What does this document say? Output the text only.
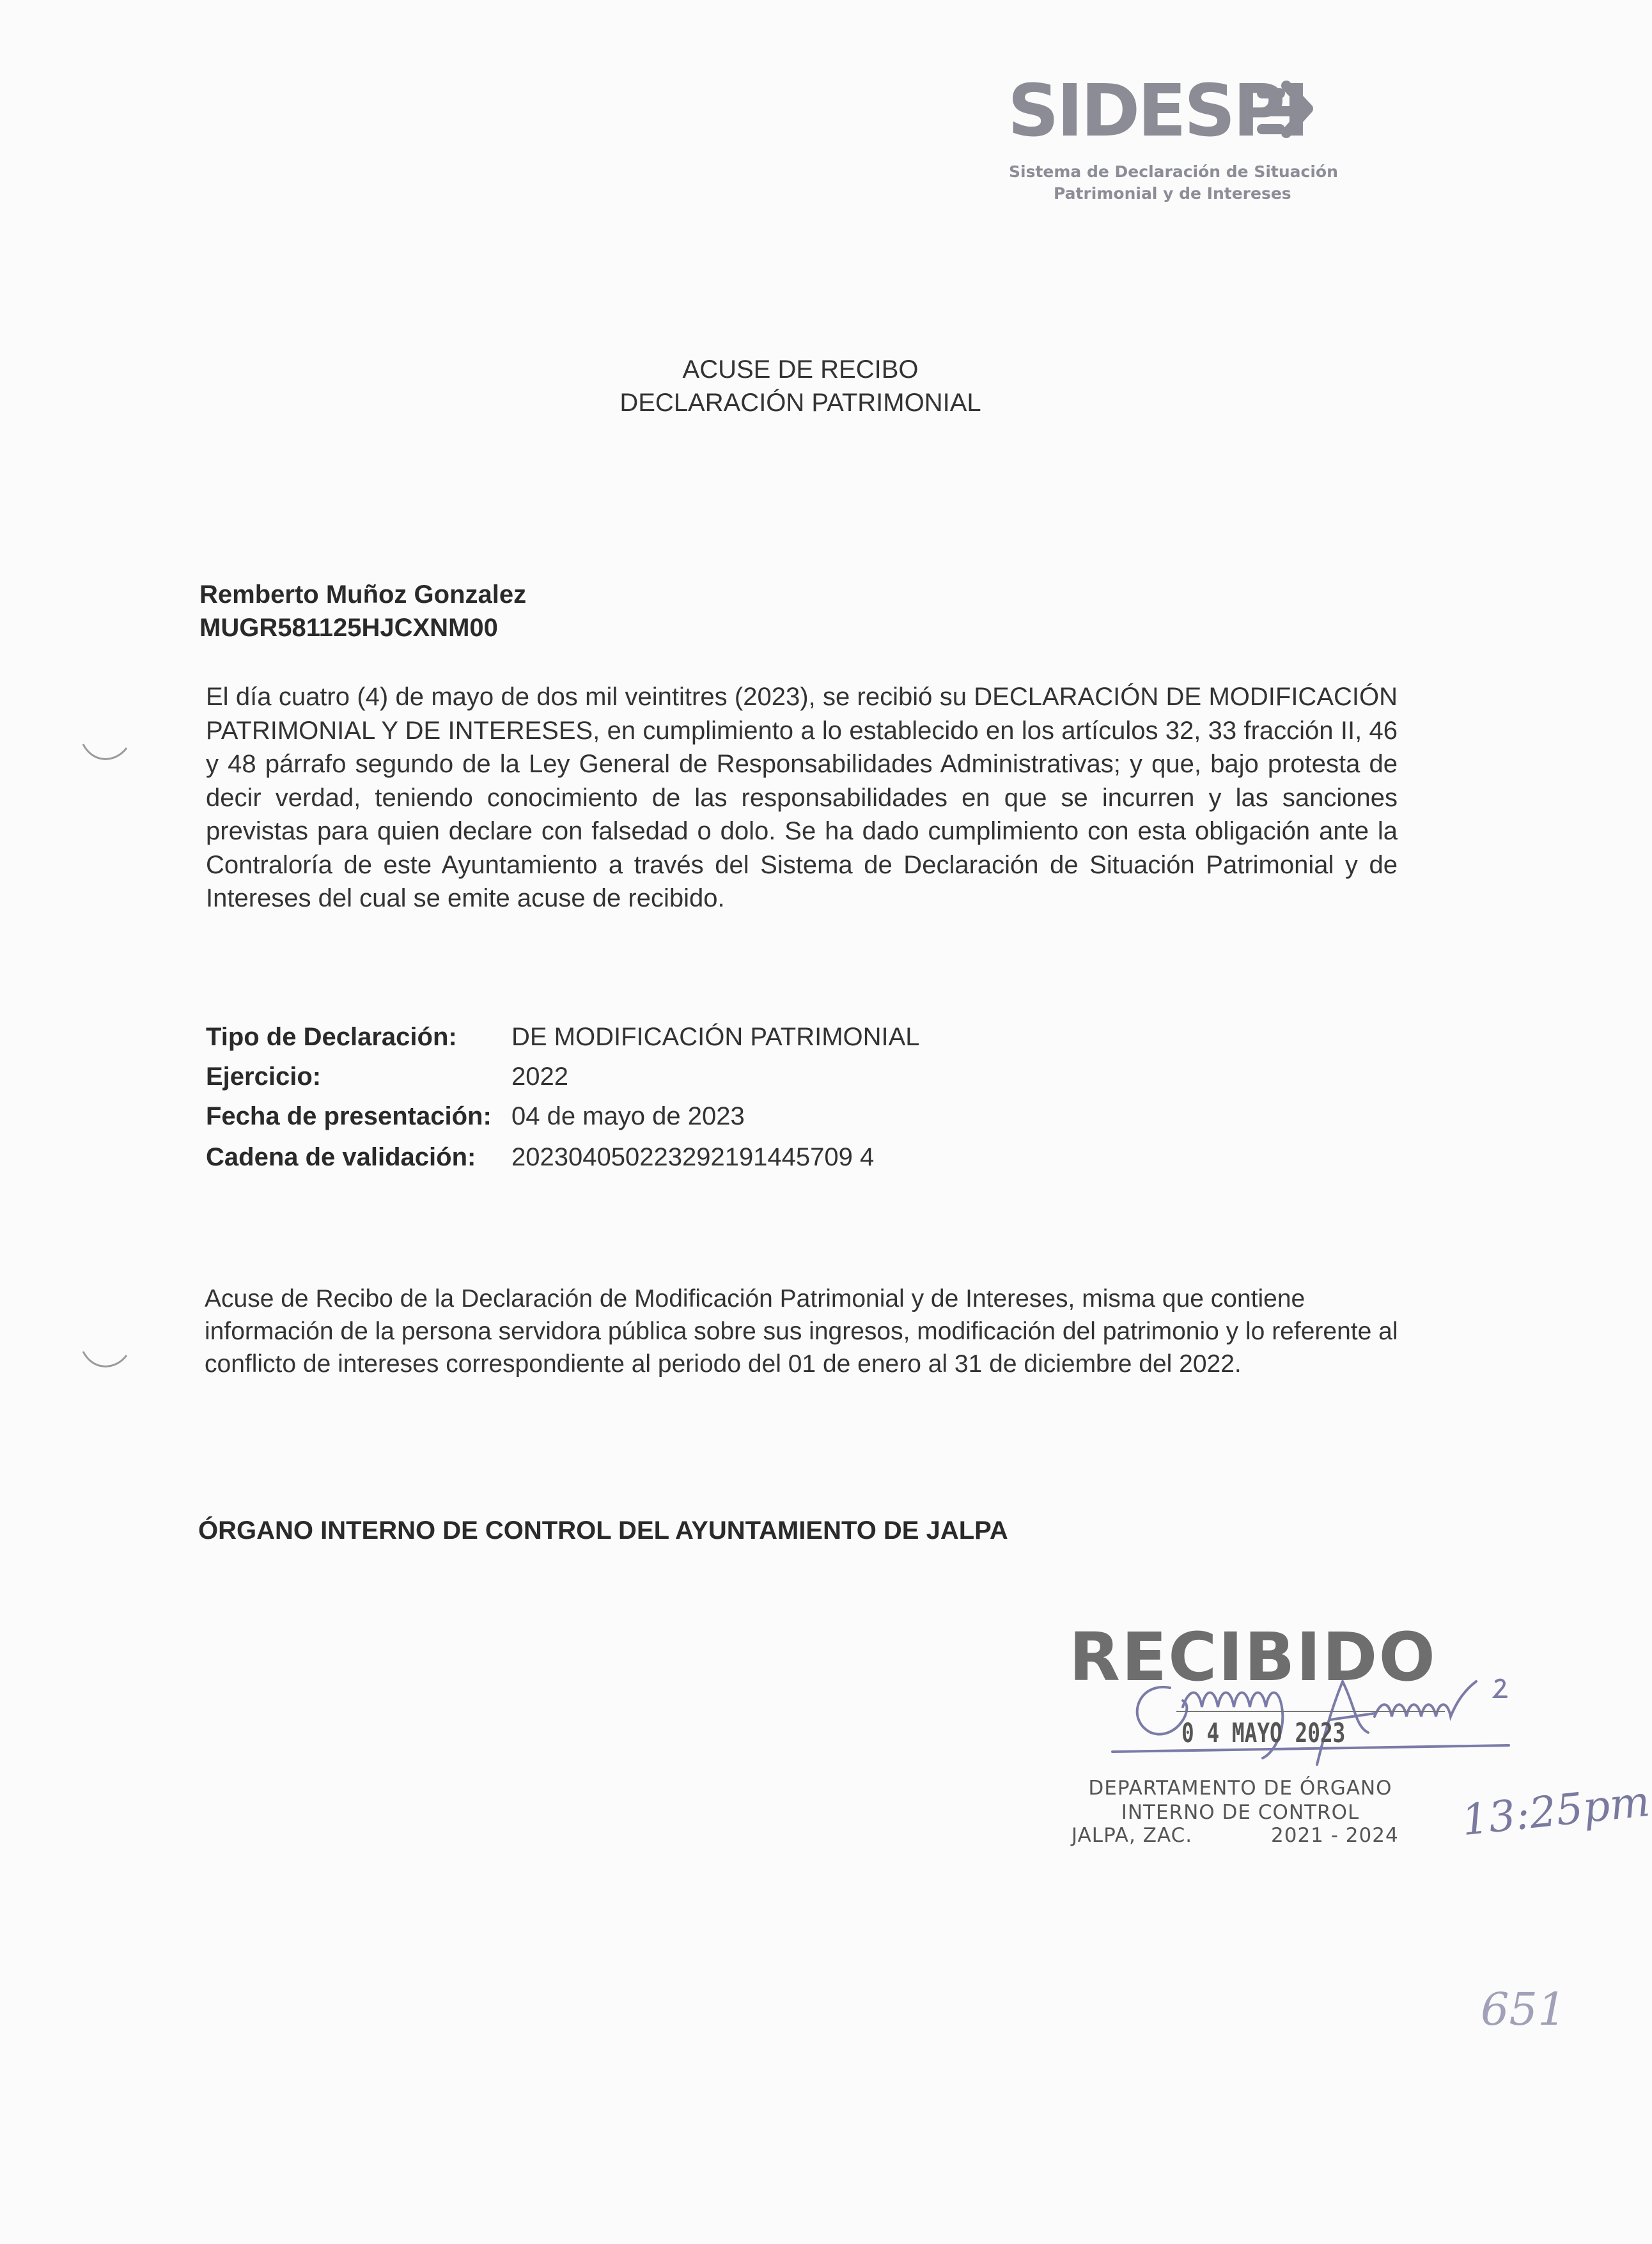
SIDESPI
Sistema de Declaración de Situación
Patrimonial y de Intereses
ACUSE DE RECIBO
DECLARACIÓN PATRIMONIAL
Remberto Muñoz Gonzalez
MUGR581125HJCXNM00
El día cuatro (4) de mayo de dos mil veintitres (2023), se recibió su DECLARACIÓN DE MODIFICACIÓN PATRIMONIAL Y DE INTERESES, en cumplimiento a lo establecido en los artículos 32, 33 fracción II, 46 y 48 párrafo segundo de la Ley General de Responsabilidades Administrativas; y que, bajo protesta de decir verdad, teniendo conocimiento de las responsabilidades en que se incurren y las sanciones previstas para quien declare con falsedad o dolo. Se ha dado cumplimiento con esta obligación ante la Contraloría de este Ayuntamiento a través del Sistema de Declaración de Situación Patrimonial y de Intereses del cual se emite acuse de recibido.
Tipo de Declaración: DE MODIFICACIÓN PATRIMONIAL
Ejercicio:	2022
Fecha de presentación: 04 de mayo de 2023
Cadena de validación: 202304050223292191445709 4
Acuse de Recibo de la Declaración de Modificación Patrimonial y de Intereses, misma que contiene información de la persona servidora pública sobre sus ingresos, modificación del patrimonio y lo referente al conflicto de intereses correspondiente al periodo del 01 de enero al 31 de diciembre del 2022.
ÓRGANO INTERNO DE CONTROL DEL AYUNTAMIENTO DE JALPA
RECIBIDO
0 4 MAYO 2023
DEPARTAMENTO DE ÓRGANO
INTERNO DE CONTROL
JALPA, ZAC.	2021 - 2024 13:25pm
651
